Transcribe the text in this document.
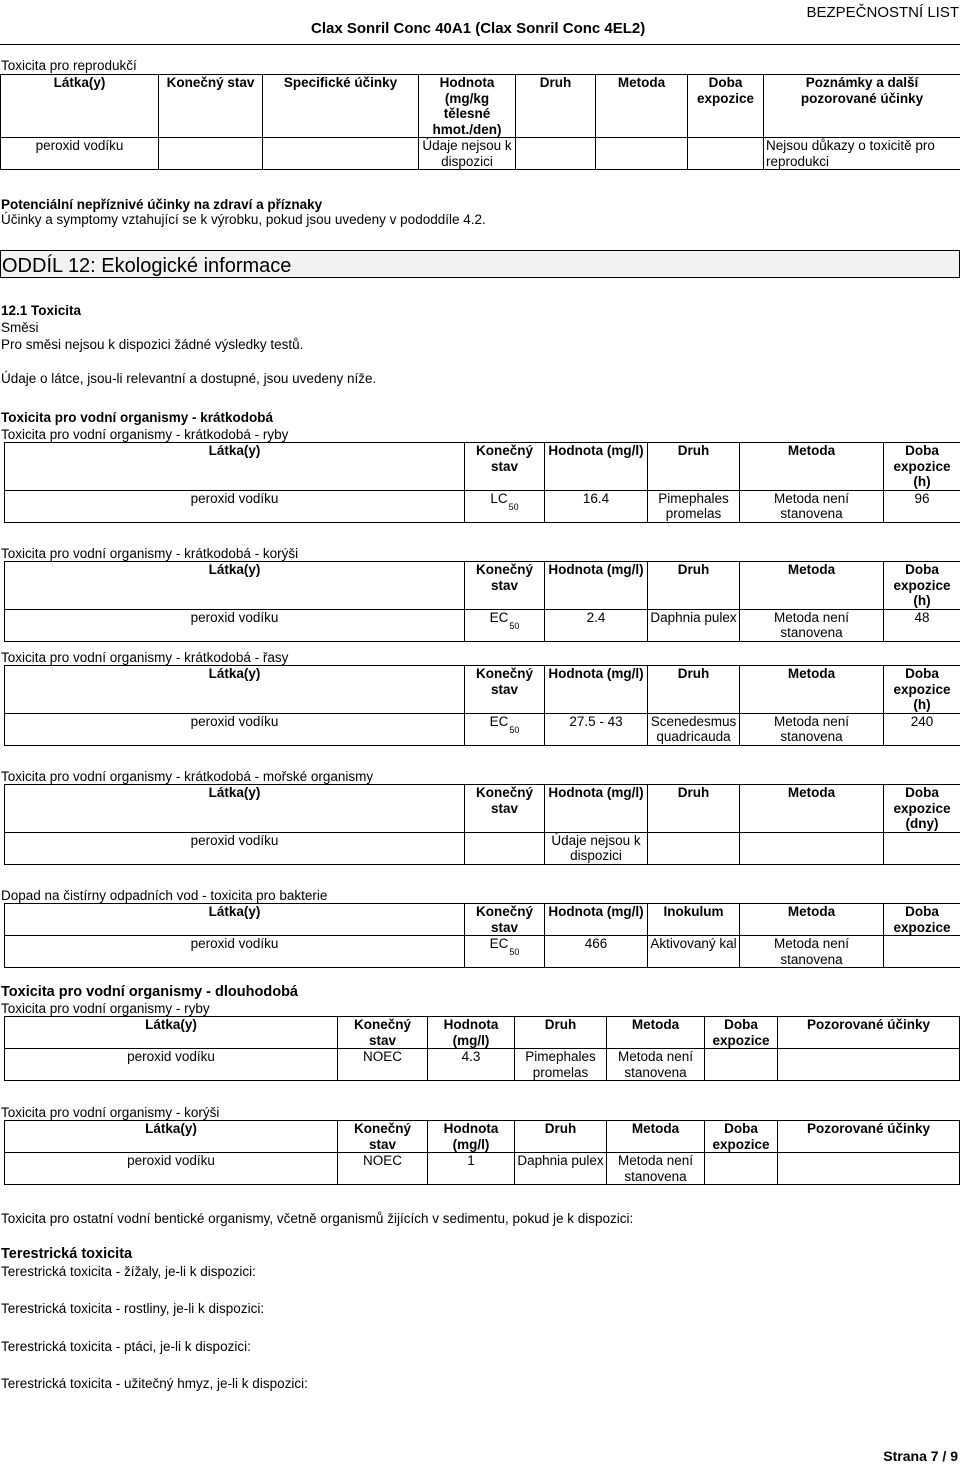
Clax Sonril Conc 40A1 (Clax Sonril Conc 4EL2)
BEZPEČNOSTNÍ LIST
Toxicita pro reprodukčí
Látka(y)	Konečný stav	Specifické účinky	Hodnota (mg/kg tělesné hmot./den)	Druh	Metoda	Doba expozice	Poznámky a další pozorované účinky
peroxid vodíku			Údaje nejsou k dispozici				Nejsou důkazy o toxicitě pro reprodukci
Potenciální nepříznivé účinky na zdraví a příznaky
Účinky a symptomy vztahující se k výrobku, pokud jsou uvedeny v pododdíle 4.2.
ODDÍL 12: Ekologické informace
12.1 Toxicita
Směsi
Pro směsi nejsou k dispozici žádné výsledky testů.
Údaje o látce, jsou-li relevantní a dostupné, jsou uvedeny níže.
Toxicita pro vodní organismy - krátkodobá
Toxicita pro vodní organismy - krátkodobá - ryby
Látka(y)	Konečný stav	Hodnota (mg/l)	Druh	Metoda	Doba expozice (h)
peroxid vodíku	$LC_{50}$	16.4	Pimephales promelas	Metoda není stanovena	96
Toxicita pro vodní organismy - krátkodobá - korýši
Látka(y)	Konečný stav	Hodnota (mg/l)	Druh	Metoda	Doba expozice (h)
peroxid vodíku	$EC_{50}$	2.4	Daphnia pulex	Metoda není stanovena	48
Toxicita pro vodní organismy - krátkodobá - řasy
Látka(y)	Konečný stav	Hodnota (mg/l)	Druh	Metoda	Doba expozice (h)
peroxid vodíku	$EC_{50}$	27.5 - 43	Scenedesmus quadricauda	Metoda není stanovena	240
Toxicita pro vodní organismy - krátkodobá - mořské organismy
Látka(y)	Konečný stav	Hodnota (mg/l)	Druh	Metoda	Doba expozice (dny)
peroxid vodíku		Údaje nejsou k dispozici			
Dopad na čistírny odpadních vod - toxicita pro bakterie
Látka(y)	Konečný stav	Hodnota (mg/l)	Inokulum	Metoda	Doba expozice
peroxid vodíku	$EC_{50}$	466	Aktivovaný kal	Metoda není stanovena	
Toxicita pro vodní organismy - dlouhodobá
Toxicita pro vodní organismy - ryby
Látka(y)	Konečný stav	Hodnota (mg/l)	Druh	Metoda	Doba expozice	Pozorované účinky
peroxid vodíku	NOEC	4.3	Pimephales promelas	Metoda není stanovena		
Toxicita pro vodní organismy - korýši
Látka(y)	Konečný stav	Hodnota (mg/l)	Druh	Metoda	Doba expozice	Pozorované účinky
peroxid vodíku	NOEC	1	Daphnia pulex	Metoda není stanovena		
Toxicita pro ostatní vodní bentické organismy, včetně organismů žijících v sedimentu, pokud je k dispozici:
Terestrická toxicita
Terestrická toxicita - žížaly, je-li k dispozici:
Terestrická toxicita - rostliny, je-li k dispozici:
Terestrická toxicita - ptáci, je-li k dispozici:
Terestrická toxicita - užitečný hmyz, je-li k dispozici:
Strana 7 / 9
